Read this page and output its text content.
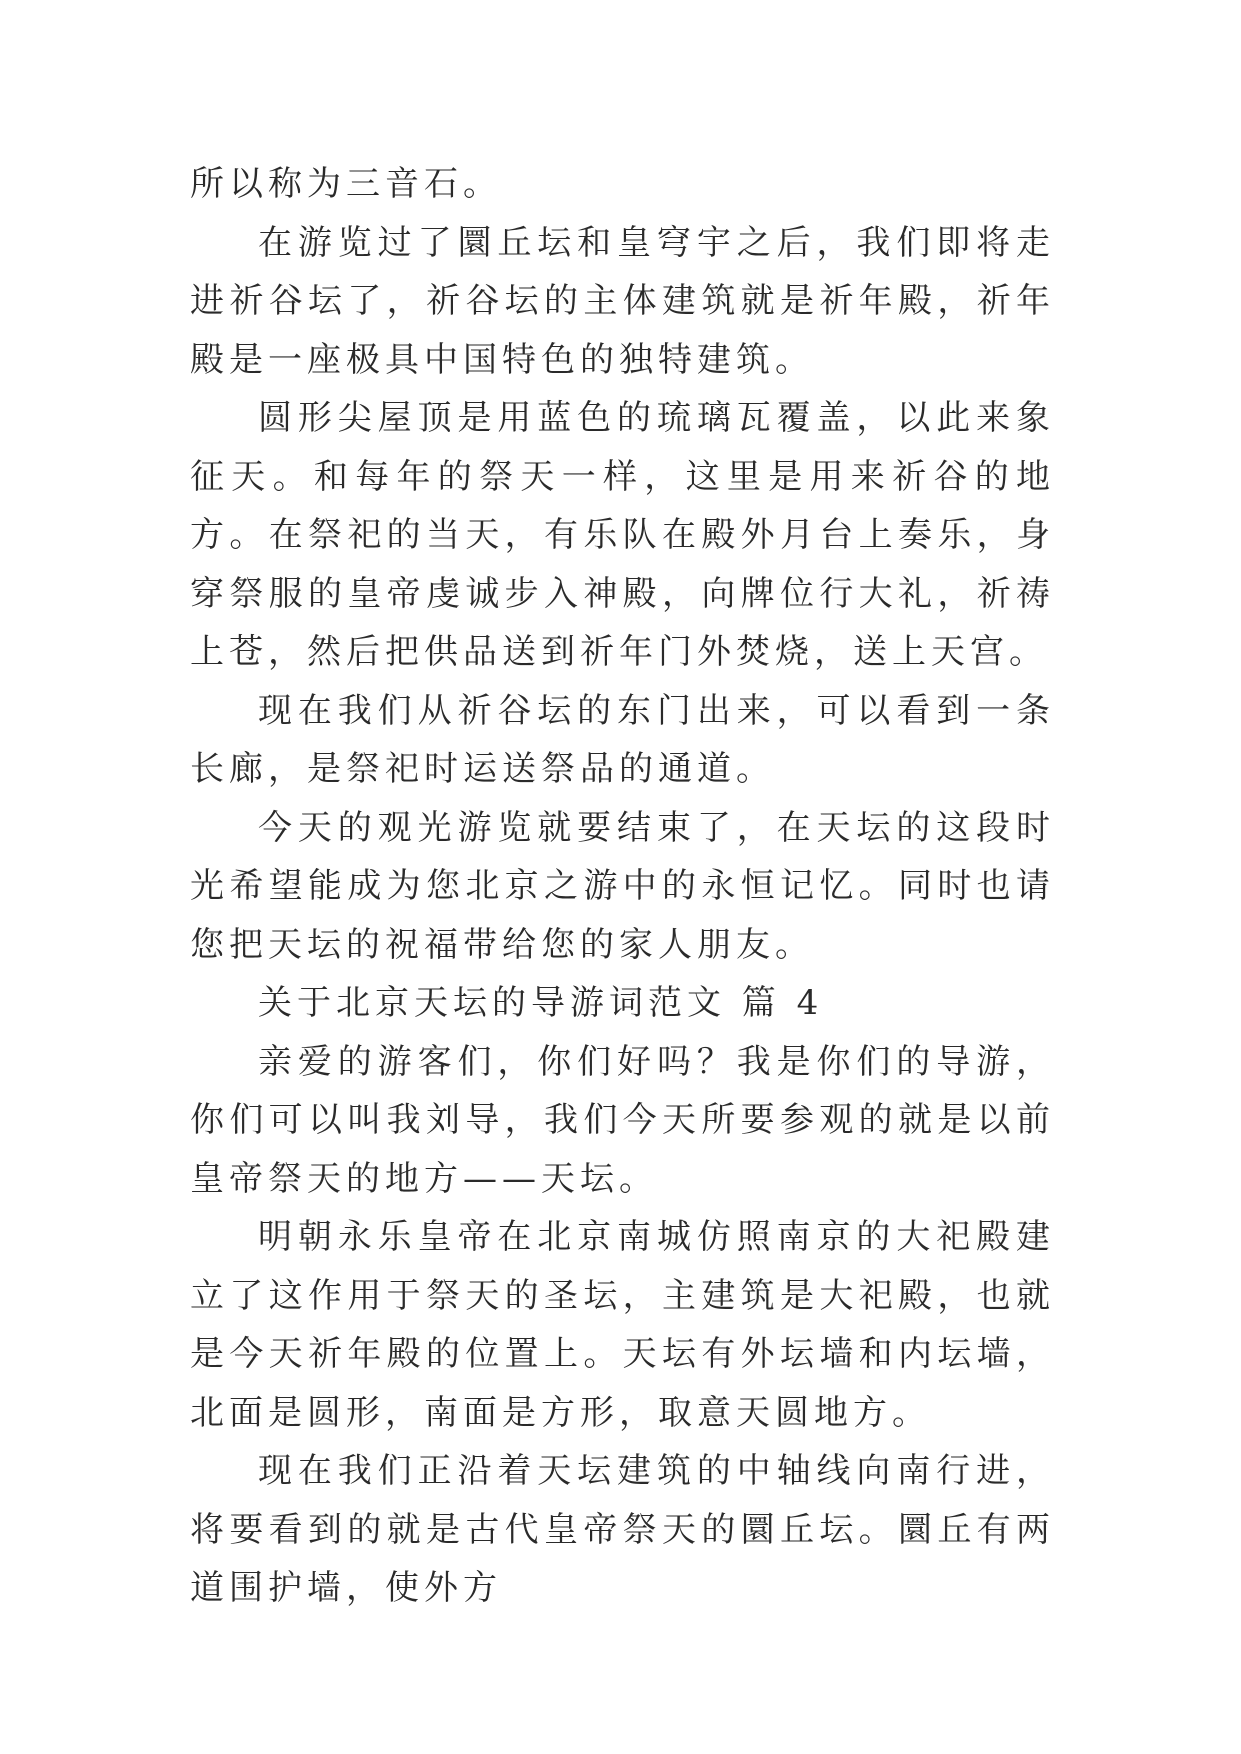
所以称为三音石。

在游览过了圜丘坛和皇穹宇之后，我们即将走进祈谷坛了，祈谷坛的主体建筑就是祈年殿，祈年殿是一座极具中国特色的独特建筑。

圆形尖屋顶是用蓝色的琉璃瓦覆盖，以此来象征天。和每年的祭天一样，这里是用来祈谷的地方。在祭祀的当天，有乐队在殿外月台上奏乐，身穿祭服的皇帝虔诚步入神殿，向牌位行大礼，祈祷上苍，然后把供品送到祈年门外焚烧，送上天宫。

现在我们从祈谷坛的东门出来，可以看到一条长廊，是祭祀时运送祭品的通道。

今天的观光游览就要结束了，在天坛的这段时光希望能成为您北京之游中的永恒记忆。同时也请您把天坛的祝福带给您的家人朋友。

关于北京天坛的导游词范文 篇 4

亲爱的游客们，你们好吗？我是你们的导游，你们可以叫我刘导，我们今天所要参观的就是以前皇帝祭天的地方——天坛。

明朝永乐皇帝在北京南城仿照南京的大祀殿建立了这作用于祭天的圣坛，主建筑是大祀殿，也就是今天祈年殿的位置上。天坛有外坛墙和内坛墙，北面是圆形，南面是方形，取意天圆地方。

现在我们正沿着天坛建筑的中轴线向南行进，将要看到的就是古代皇帝祭天的圜丘坛。圜丘有两道围护墙，使外方
